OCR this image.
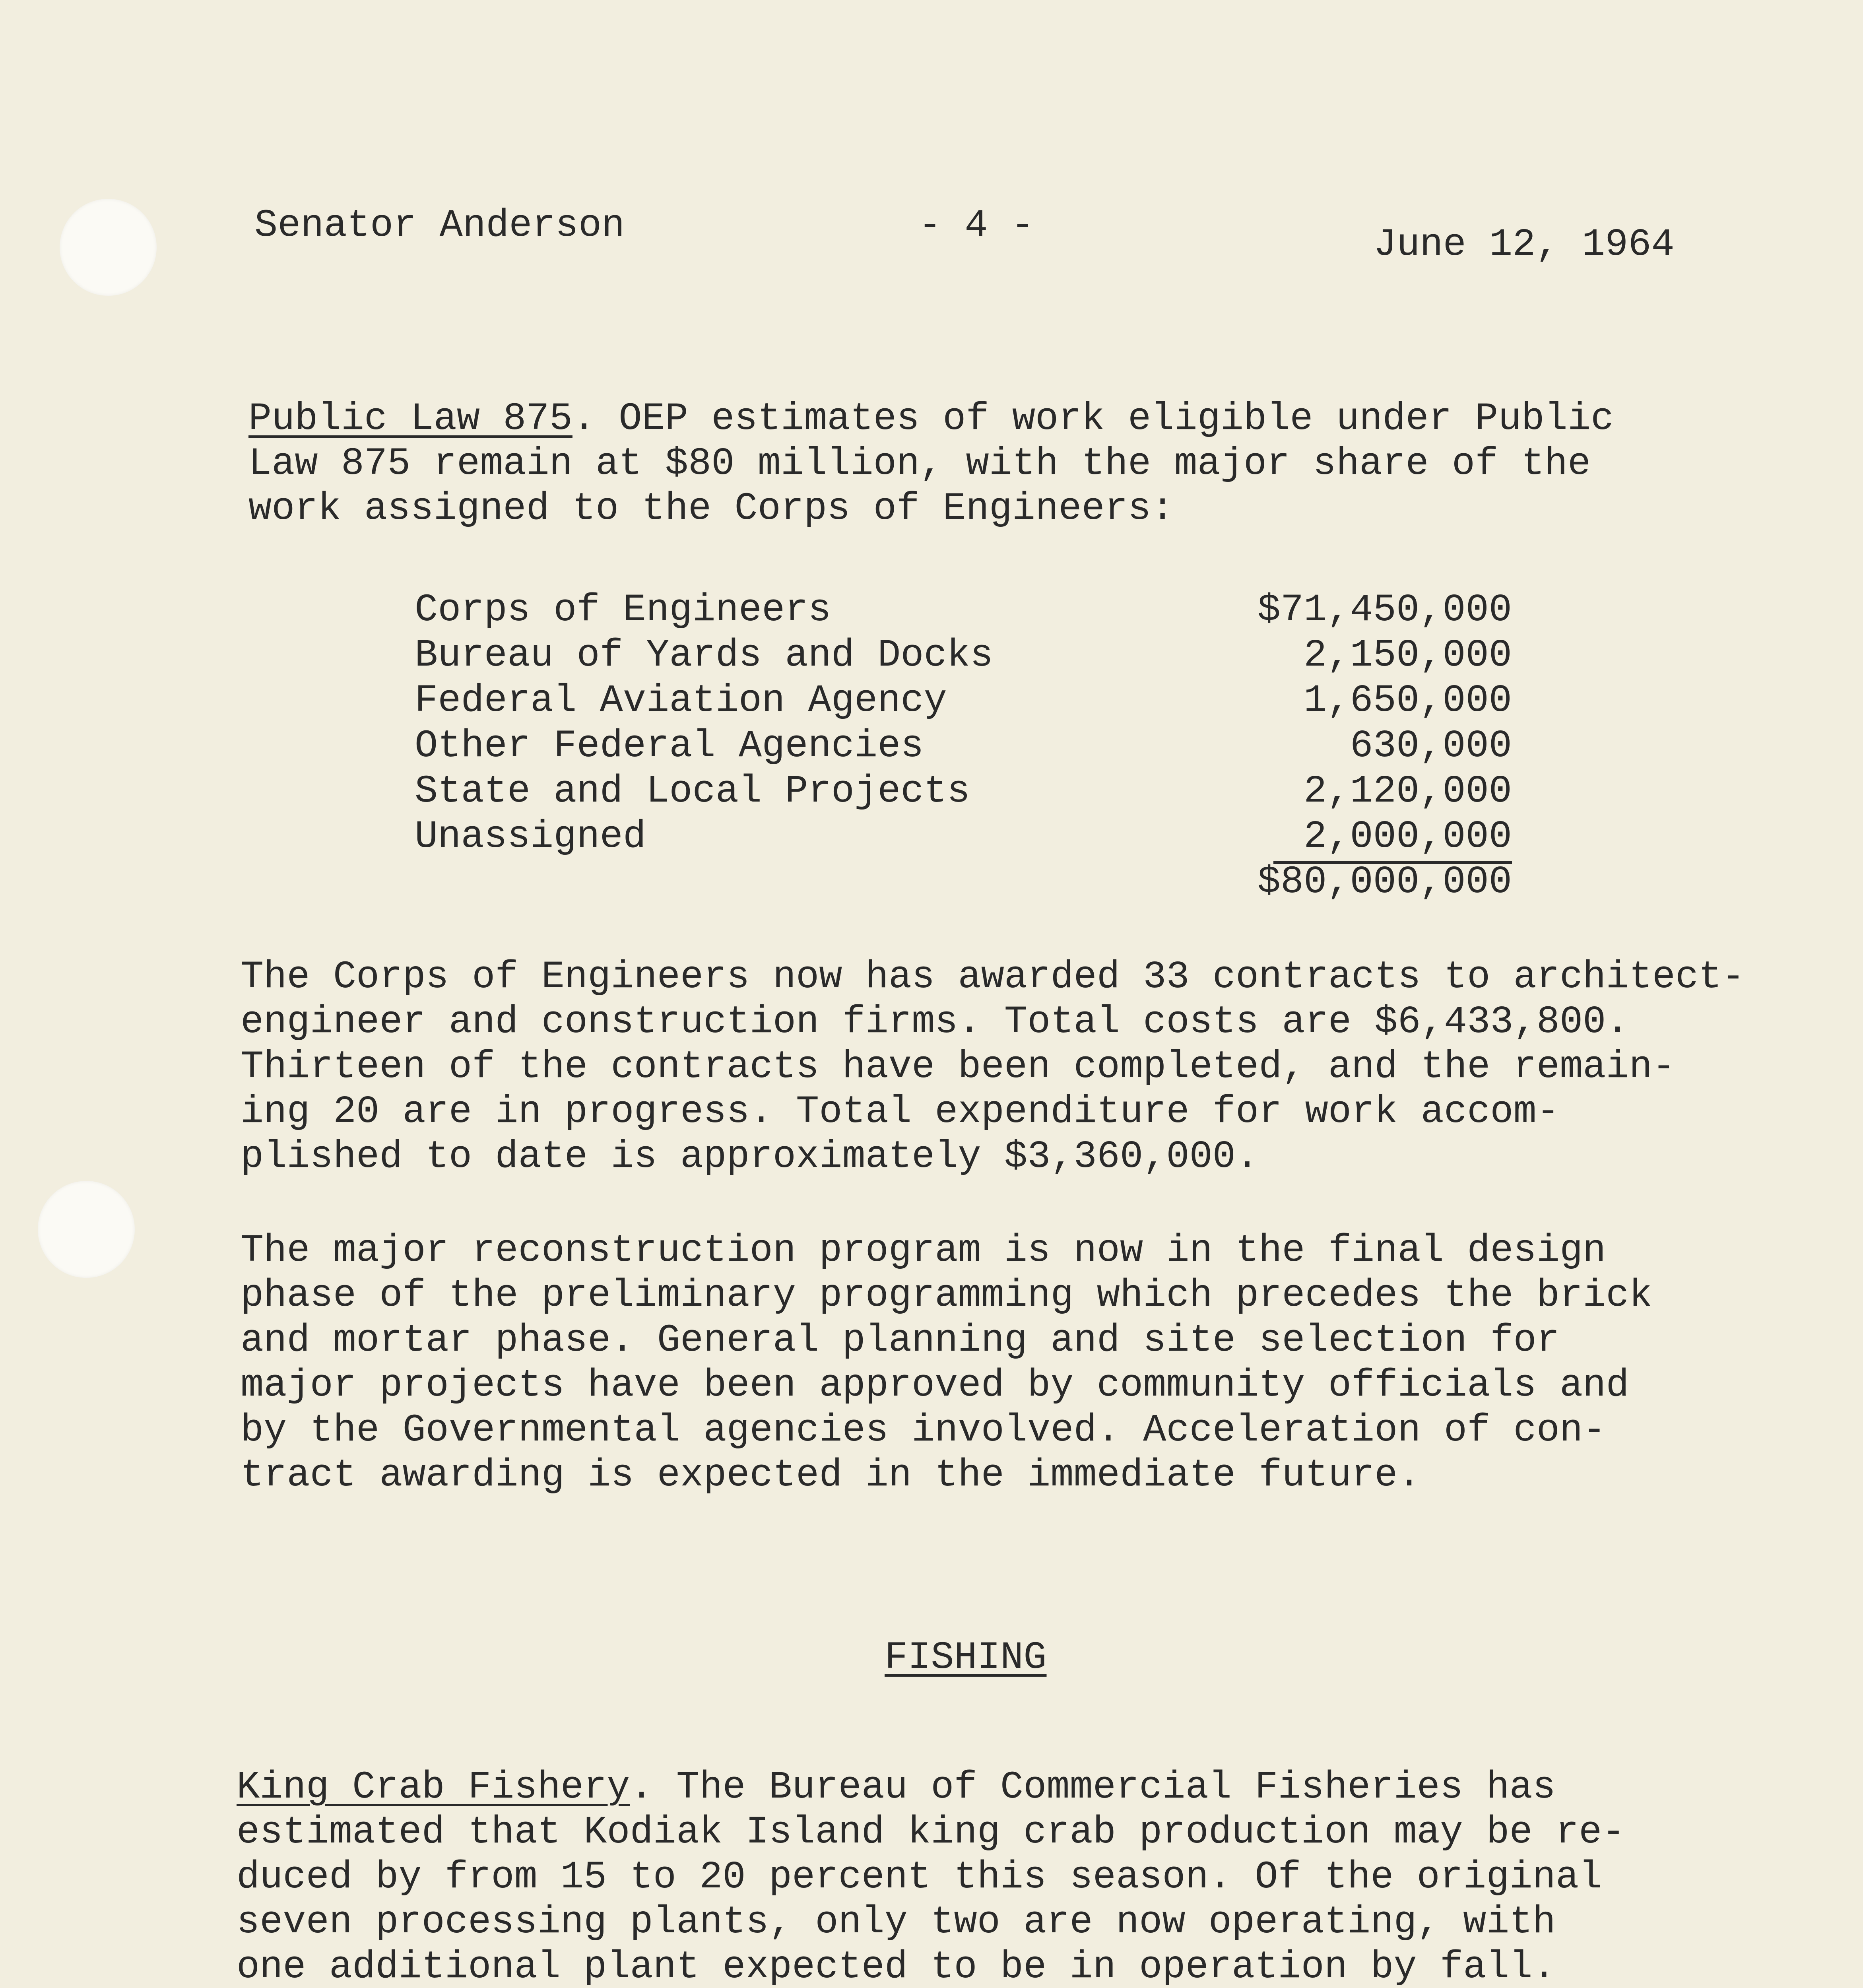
Senator Anderson	- 4 -	June 12, 1964
Public Law 875. OEP estimates of work eligible under Public
Law 875 remain at $80 million, with the major share of the
work assigned to the Corps of Engineers:
Corps of Engineers	$71,450,000
Bureau of Yards and Docks	2,150,000
Federal Aviation Agency	1,650,000
Other Federal Agencies	630,000
State and Local Projects	2,120,000
Unassigned	2,000,000
$80,000,000
The Corps of Engineers now has awarded 33 contracts to architect-
engineer and construction firms. Total costs are $6,433,800.
Thirteen of the contracts have been completed, and the remain-
ing 20 are in progress. Total expenditure for work accom-
plished to date is approximately $3,360,000.
The major reconstruction program is now in the final design
phase of the preliminary programming which precedes the brick
and mortar phase. General planning and site selection for
major projects have been approved by community officials and
by the Governmental agencies involved. Acceleration of con-
tract awarding is expected in the immediate future.
FISHING
King Crab Fishery. The Bureau of Commercial Fisheries has
estimated that Kodiak Island king crab production may be re-
duced by from 15 to 20 percent this season. Of the original
seven processing plants, only two are now operating, with
one additional plant expected to be in operation by fall.
